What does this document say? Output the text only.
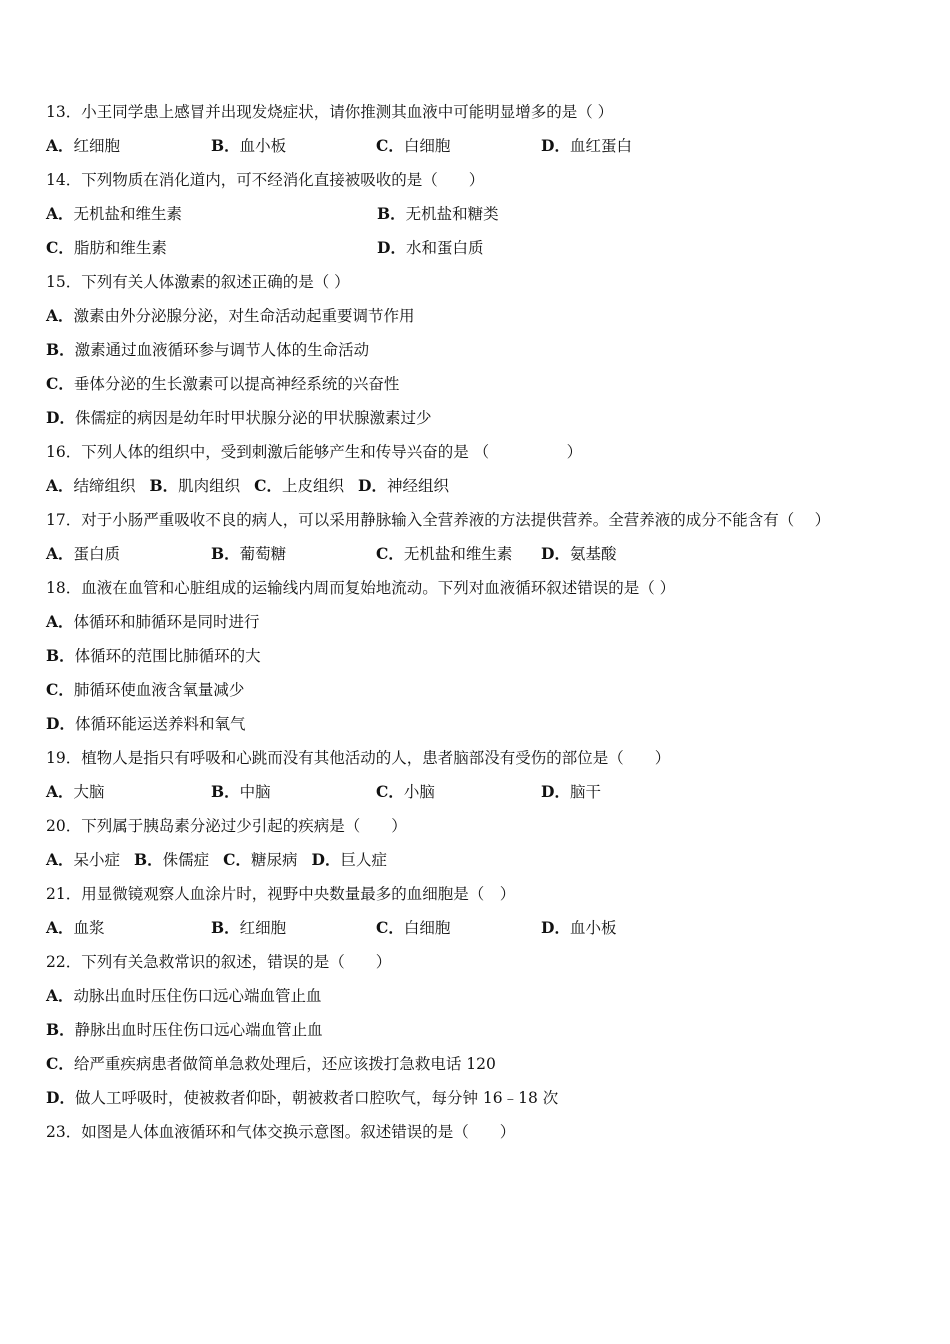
13．小王同学患上感冒并出现发烧症状，请你推测其血液中可能明显增多的是（ ）
A．红细胞	B．血小板	C．白细胞	D．血红蛋白
14．下列物质在消化道内，可不经消化直接被吸收的是（　　）
A．无机盐和维生素	B．无机盐和糖类
C．脂肪和维生素	D．水和蛋白质
15．下列有关人体激素的叙述正确的是（ ）
A．激素由外分泌腺分泌，对生命活动起重要调节作用
B．激素通过血液循环参与调节人体的生命活动
C．垂体分泌的生长激素可以提高神经系统的兴奋性
D．侏儒症的病因是幼年时甲状腺分泌的甲状腺激素过少
16．下列人体的组织中，受到刺激后能够产生和传导兴奋的是 （　　　　　）
A．结缔组织 B．肌肉组织 C．上皮组织 D．神经组织
17．对于小肠严重吸收不良的病人，可以采用静脉输入全营养液的方法提供营养。全营养液的成分不能含有（　 ）
A．蛋白质	B．葡萄糖	C．无机盐和维生素 D．氨基酸
18．血液在血管和心脏组成的运输线内周而复始地流动。下列对血液循环叙述错误的是（ ）
A．体循环和肺循环是同时进行
B．体循环的范围比肺循环的大
C．肺循环使血液含氧量减少
D．体循环能运送养料和氧气
19．植物人是指只有呼吸和心跳而没有其他活动的人，患者脑部没有受伤的部位是（　　）
A．大脑	B．中脑	C．小脑	D．脑干
20．下列属于胰岛素分泌过少引起的疾病是（　　）
A．呆小症 B．侏儒症 C．糖尿病 D．巨人症
21．用显微镜观察人血涂片时，视野中央数量最多的血细胞是（　）
A．血浆	B．红细胞	C．白细胞	D．血小板
22．下列有关急救常识的叙述，错误的是（　　）
A．动脉出血时压住伤口远心端血管止血
B．静脉出血时压住伤口远心端血管止血
C．给严重疾病患者做简单急救处理后，还应该拨打急救电话 120
D．做人工呼吸时，使被救者仰卧，朝被救者口腔吹气，每分钟 16﹣18 次
23．如图是人体血液循环和气体交换示意图。叙述错误的是（　　）
